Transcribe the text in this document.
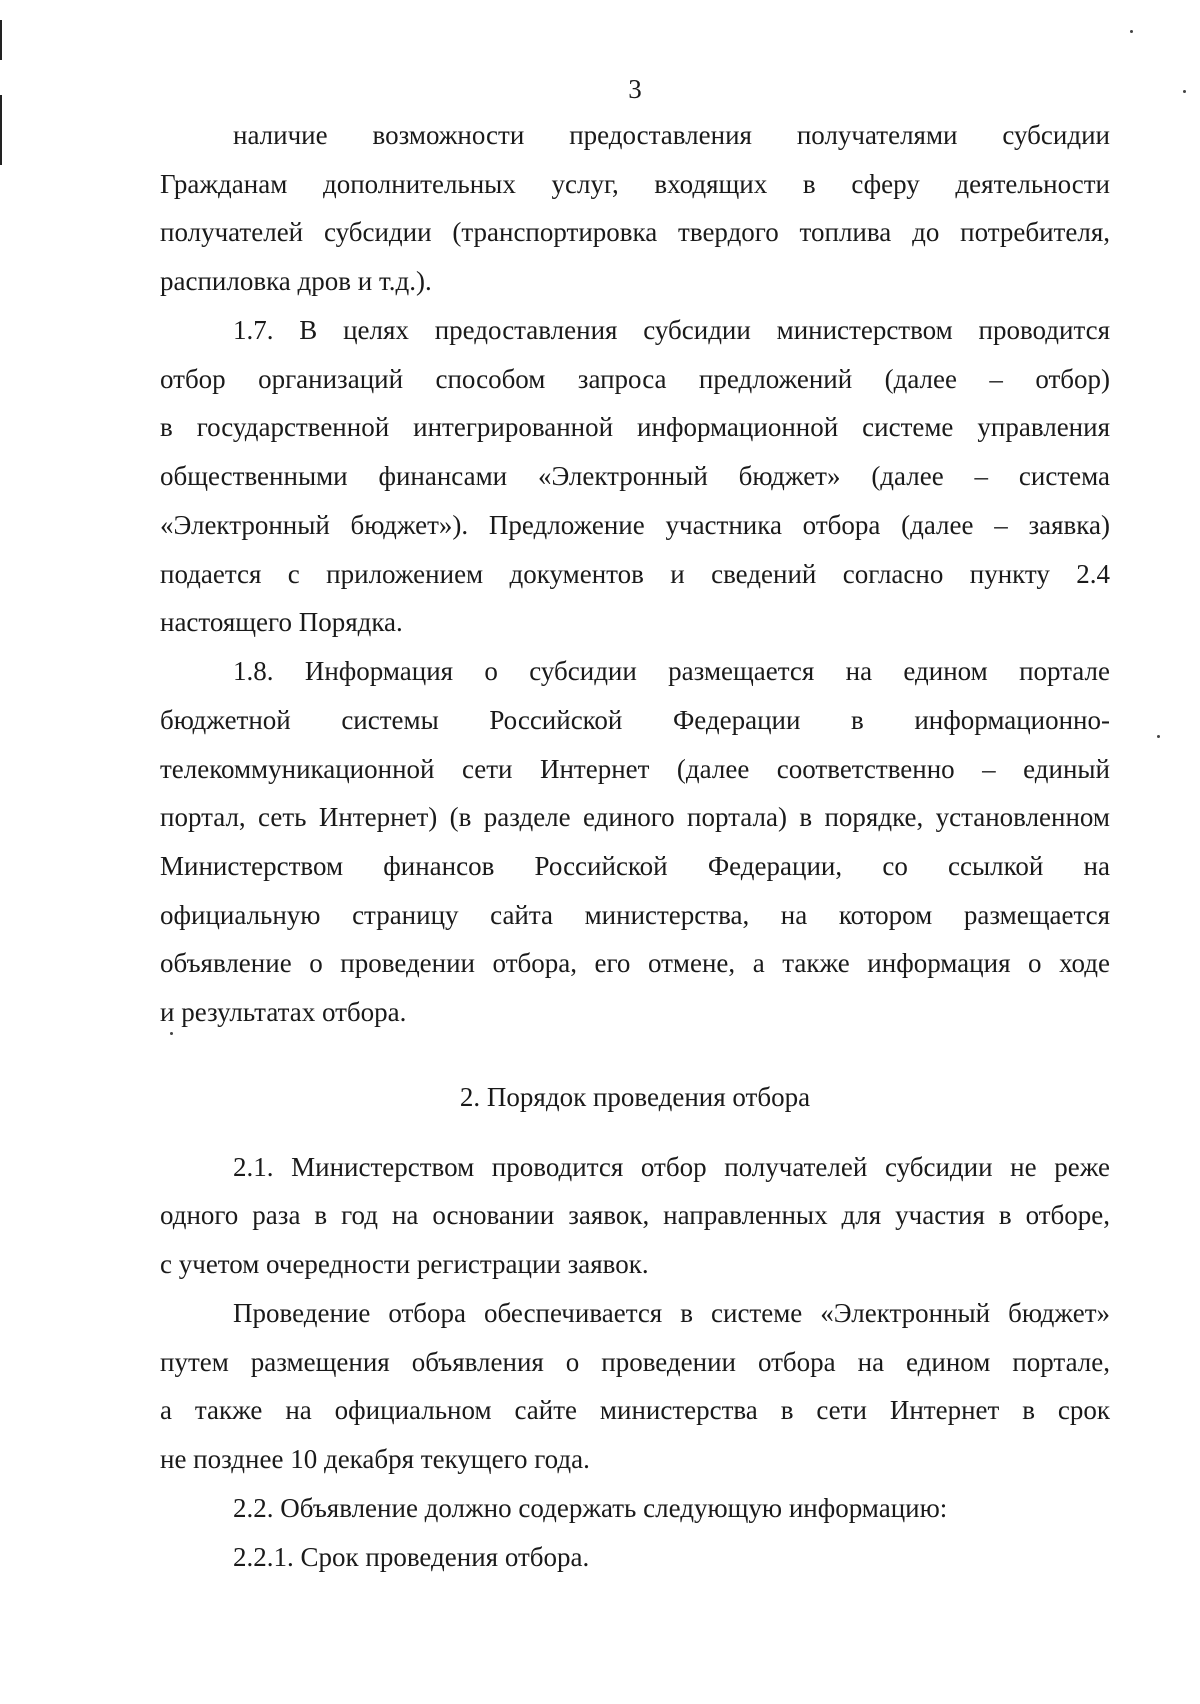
3
наличие возможности предоставления получателями субсидии
Гражданам дополнительных услуг, входящих в сферу деятельности
получателей субсидии (транспортировка твердого топлива до потребителя,
распиловка дров и т.д.).
1.7. В целях предоставления субсидии министерством проводится
отбор организаций способом запроса предложений (далее – отбор)
в государственной интегрированной информационной системе управления
общественными финансами «Электронный бюджет» (далее – система
«Электронный бюджет»). Предложение участника отбора (далее – заявка)
подается с приложением документов и сведений согласно пункту 2.4
настоящего Порядка.
1.8. Информация о субсидии размещается на едином портале
бюджетной системы Российской Федерации в информационно-
телекоммуникационной сети Интернет (далее соответственно – единый
портал, сеть Интернет) (в разделе единого портала) в порядке, установленном
Министерством финансов Российской Федерации, со ссылкой на
официальную страницу сайта министерства, на котором размещается
объявление о проведении отбора, его отмене, а также информация о ходе
и результатах отбора.
2. Порядок проведения отбора
2.1. Министерством проводится отбор получателей субсидии не реже
одного раза в год на основании заявок, направленных для участия в отборе,
с учетом очередности регистрации заявок.
Проведение отбора обеспечивается в системе «Электронный бюджет»
путем размещения объявления о проведении отбора на едином портале,
а также на официальном сайте министерства в сети Интернет в срок
не позднее 10 декабря текущего года.
2.2. Объявление должно содержать следующую информацию:
2.2.1. Срок проведения отбора.
